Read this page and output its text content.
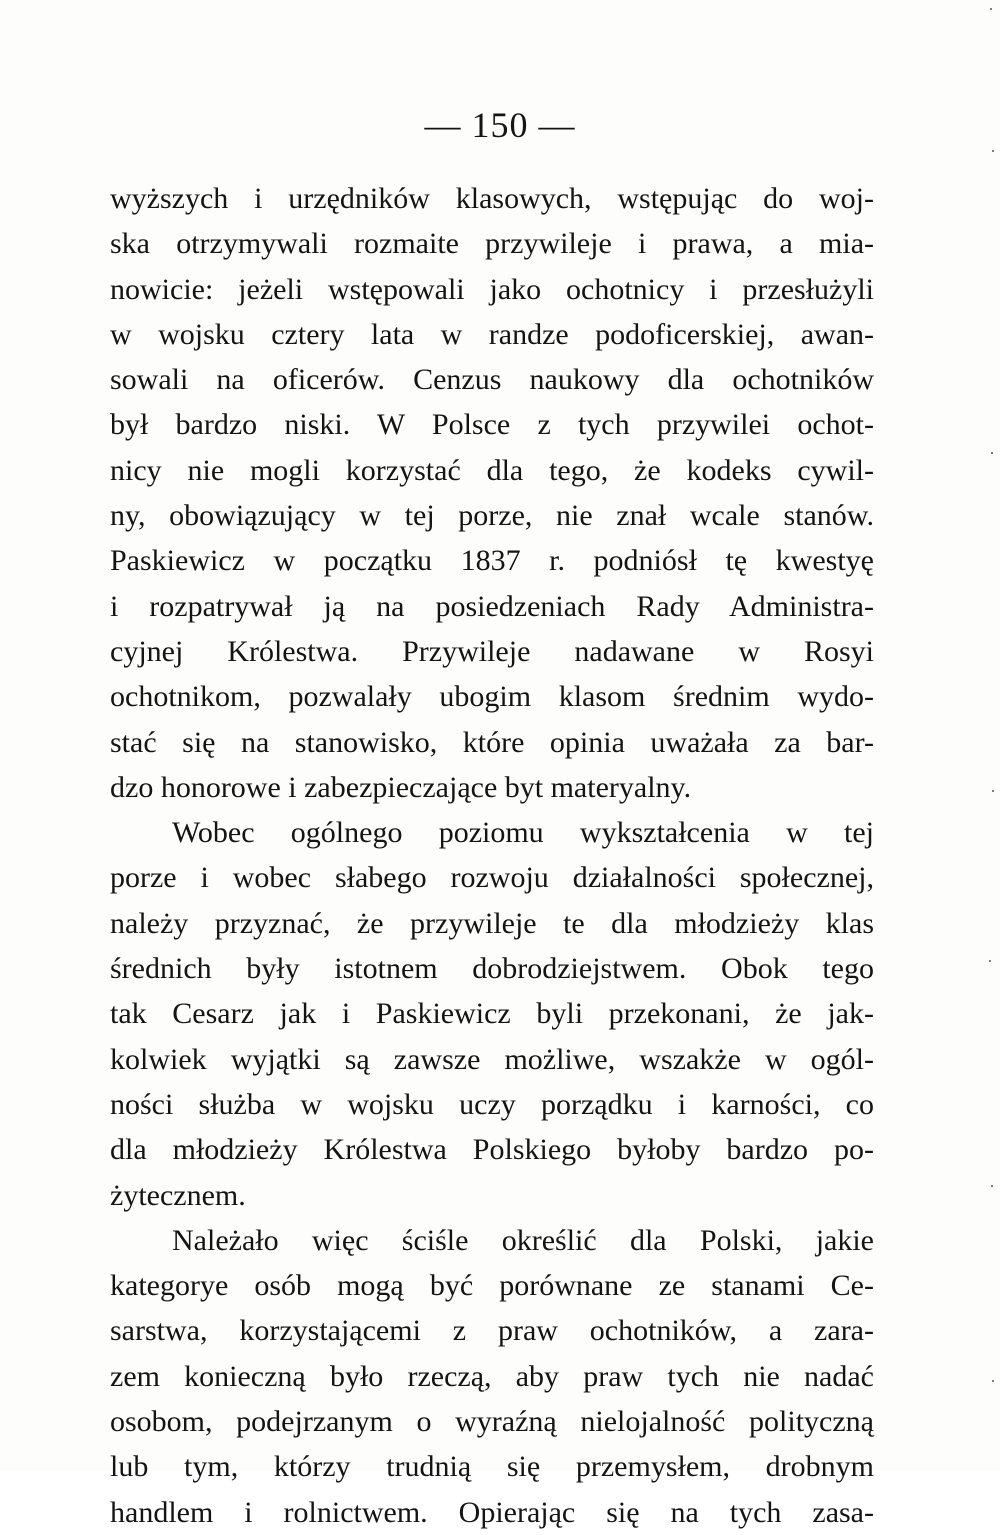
— 150 —
wyższych i urzędników klasowych, wstępując do woj-
ska otrzymywali rozmaite przywileje i prawa, a mia-
nowicie: jeżeli wstępowali jako ochotnicy i przesłużyli
w wojsku cztery lata w randze podoficerskiej, awan-
sowali na oficerów. Cenzus naukowy dla ochotników
był bardzo niski. W Polsce z tych przywilei ochot-
nicy nie mogli korzystać dla tego, że kodeks cywil-
ny, obowiązujący w tej porze, nie znał wcale stanów.
Paskiewicz w początku 1837 r. podniósł tę kwestyę
i rozpatrywał ją na posiedzeniach Rady Administra-
cyjnej Królestwa. Przywileje nadawane w Rosyi
ochotnikom, pozwalały ubogim klasom średnim wydo-
stać się na stanowisko, które opinia uważała za bar-
dzo honorowe i zabezpieczające byt materyalny.
Wobec ogólnego poziomu wykształcenia w tej
porze i wobec słabego rozwoju działalności społecznej,
należy przyznać, że przywileje te dla młodzieży klas
średnich były istotnem dobrodziejstwem. Obok tego
tak Cesarz jak i Paskiewicz byli przekonani, że jak-
kolwiek wyjątki są zawsze możliwe, wszakże w ogól-
ności służba w wojsku uczy porządku i karności, co
dla młodzieży Królestwa Polskiego byłoby bardzo po-
żytecznem.
Należało więc ściśle określić dla Polski, jakie
kategorye osób mogą być porównane ze stanami Ce-
sarstwa, korzystającemi z praw ochotników, a zara-
zem konieczną było rzeczą, aby praw tych nie nadać
osobom, podejrzanym o wyraźną nielojalność polityczną
lub tym, którzy trudnią się przemysłem, drobnym
handlem i rolnictwem. Opierając się na tych zasa-
